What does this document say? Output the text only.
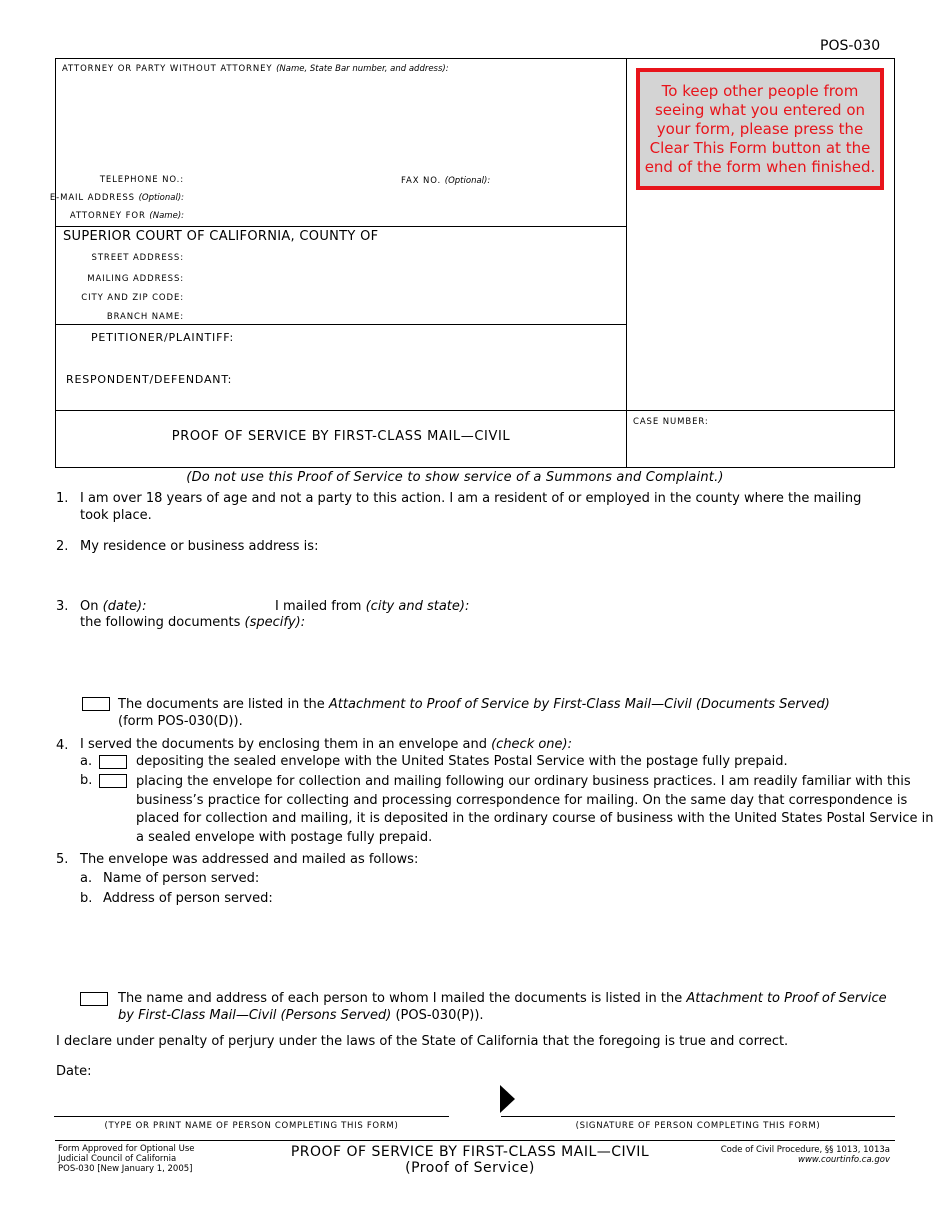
POS-030
ATTORNEY OR PARTY WITHOUT ATTORNEY (Name, State Bar number, and address):
TELEPHONE NO.:	FAX NO. (Optional):
E-MAIL ADDRESS (Optional):
ATTORNEY FOR (Name):
SUPERIOR COURT OF CALIFORNIA, COUNTY OF
STREET ADDRESS:
MAILING ADDRESS:
CITY AND ZIP CODE:
BRANCH NAME:
PETITIONER/PLAINTIFF:
RESPONDENT/DEFENDANT:
PROOF OF SERVICE BY FIRST-CLASS MAIL—CIVIL
CASE NUMBER:
To keep other people from seeing what you entered on your form, please press the Clear This Form button at the end of the form when finished.
(Do not use this Proof of Service to show service of a Summons and Complaint.)
1. I am over 18 years of age and not a party to this action. I am a resident of or employed in the county where the mailing
took place.
2. My residence or business address is:
3. On (date):	I mailed from (city and state):
the following documents (specify):
The documents are listed in the Attachment to Proof of Service by First-Class Mail—Civil (Documents Served)
(form POS-030(D)).
4. I served the documents by enclosing them in an envelope and (check one):
a.	depositing the sealed envelope with the United States Postal Service with the postage fully prepaid.
b.	placing the envelope for collection and mailing following our ordinary business practices. I am readily familiar with this
business’s practice for collecting and processing correspondence for mailing. On the same day that correspondence is
placed for collection and mailing, it is deposited in the ordinary course of business with the United States Postal Service in
a sealed envelope with postage fully prepaid.
5. The envelope was addressed and mailed as follows:
a. Name of person served:
b. Address of person served:
The name and address of each person to whom I mailed the documents is listed in the Attachment to Proof of Service
by First-Class Mail—Civil (Persons Served) (POS-030(P)).
I declare under penalty of perjury under the laws of the State of California that the foregoing is true and correct.
Date:
(TYPE OR PRINT NAME OF PERSON COMPLETING THIS FORM)	(SIGNATURE OF PERSON COMPLETING THIS FORM)
Form Approved for Optional Use
Judicial Council of California
POS-030 [New January 1, 2005]
PROOF OF SERVICE BY FIRST-CLASS MAIL—CIVIL
(Proof of Service)
Code of Civil Procedure, §§ 1013, 1013a
www.courtinfo.ca.gov
